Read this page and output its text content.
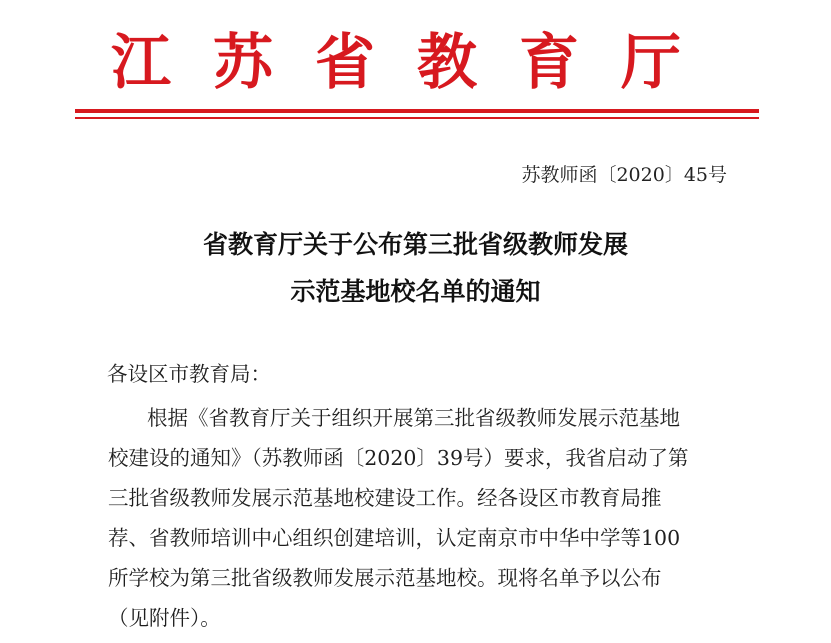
江苏省教育厅
苏教师函〔2020〕45号
省教育厅关于公布第三批省级教师发展
示范基地校名单的通知
各设区市教育局：
根据《省教育厅关于组织开展第三批省级教师发展示范基地
校建设的通知》（苏教师函〔2020〕39号）要求，我省启动了第
三批省级教师发展示范基地校建设工作。经各设区市教育局推
荐、省教师培训中心组织创建培训，认定南京市中华中学等100
所学校为第三批省级教师发展示范基地校。现将名单予以公布
（见附件）。
